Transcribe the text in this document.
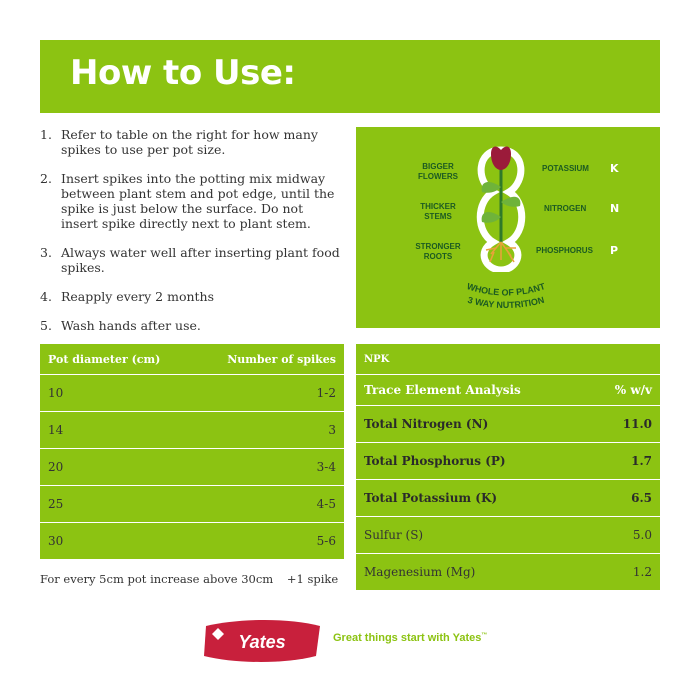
How to Use:
1. Refer to table on the right for how many spikes to use per pot size.
2. Insert spikes into the potting mix midway between plant stem and pot edge, until the spike is just below the surface. Do not insert spike directly next to plant stem.
3. Always water well after inserting plant food spikes.
4. Reapply every 2 months
5. Wash hands after use.
BIGGER
FLOWERS
THICKER
STEMS
STRONGER
ROOTS
POTASSIUM
NITROGEN
PHOSPHORUS
K
N
P
WHOLE OF PLANT
3 WAY NUTRITION
Pot diameter (cm)	Number of spikes
10	1-2
14	3
20	3-4
25	4-5
30	5-6
For every 5cm pot increase above 30cm +1 spike
NPK	
Trace Element Analysis	% w/v
Total Nitrogen (N)	11.0
Total Phosphorus (P)	1.7
Total Potassium (K)	6.5
Sulfur (S)	5.0
Magenesium (Mg)	1.2
Yates	Great things start with Yates™
